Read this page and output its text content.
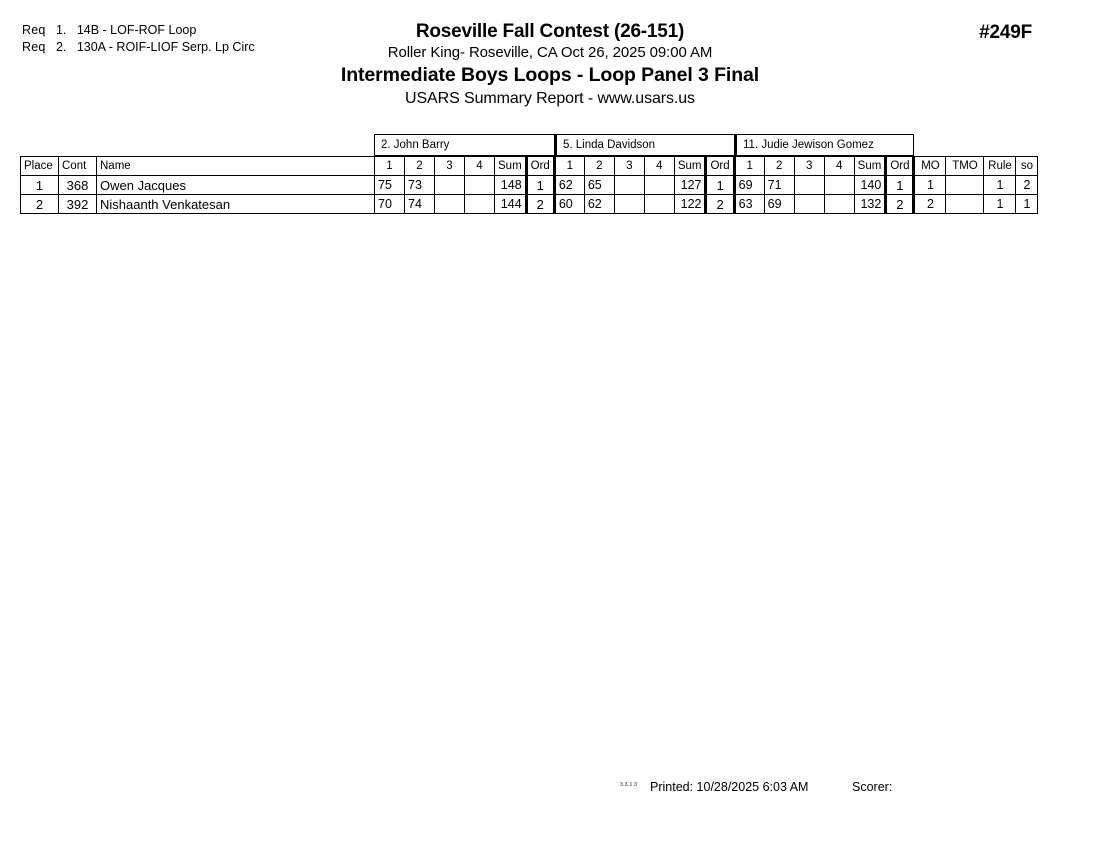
Req 1. 14B - LOF-ROF Loop
Req 2. 130A - ROIF-LIOF Serp. Lp Circ
Roseville Fall Contest (26-151)
Roller King- Roseville, CA Oct 26, 2025 09:00 AM
Intermediate Boys Loops - Loop Panel 3 Final
USARS Summary Report - www.usars.us
#249F
2. John Barry	5. Linda Davidson	11. Judie Jewison Gomez
Place	Cont	Name	1	2	3	4	Sum	Ord	1	2	3	4	Sum	Ord	1	2	3	4	Sum	Ord	MO	TMO	Rule	so
1	368	Owen Jacques	75	73			148	1	62	65			127	1	69	71			140	1	1		1	2
2	392	Nishaanth Venkatesan	70	74			144	2	60	62			122	2	63	69			132	2	2		1	1
3.3.1.3 Printed: 10/28/2025 6:03 AM	Scorer:
